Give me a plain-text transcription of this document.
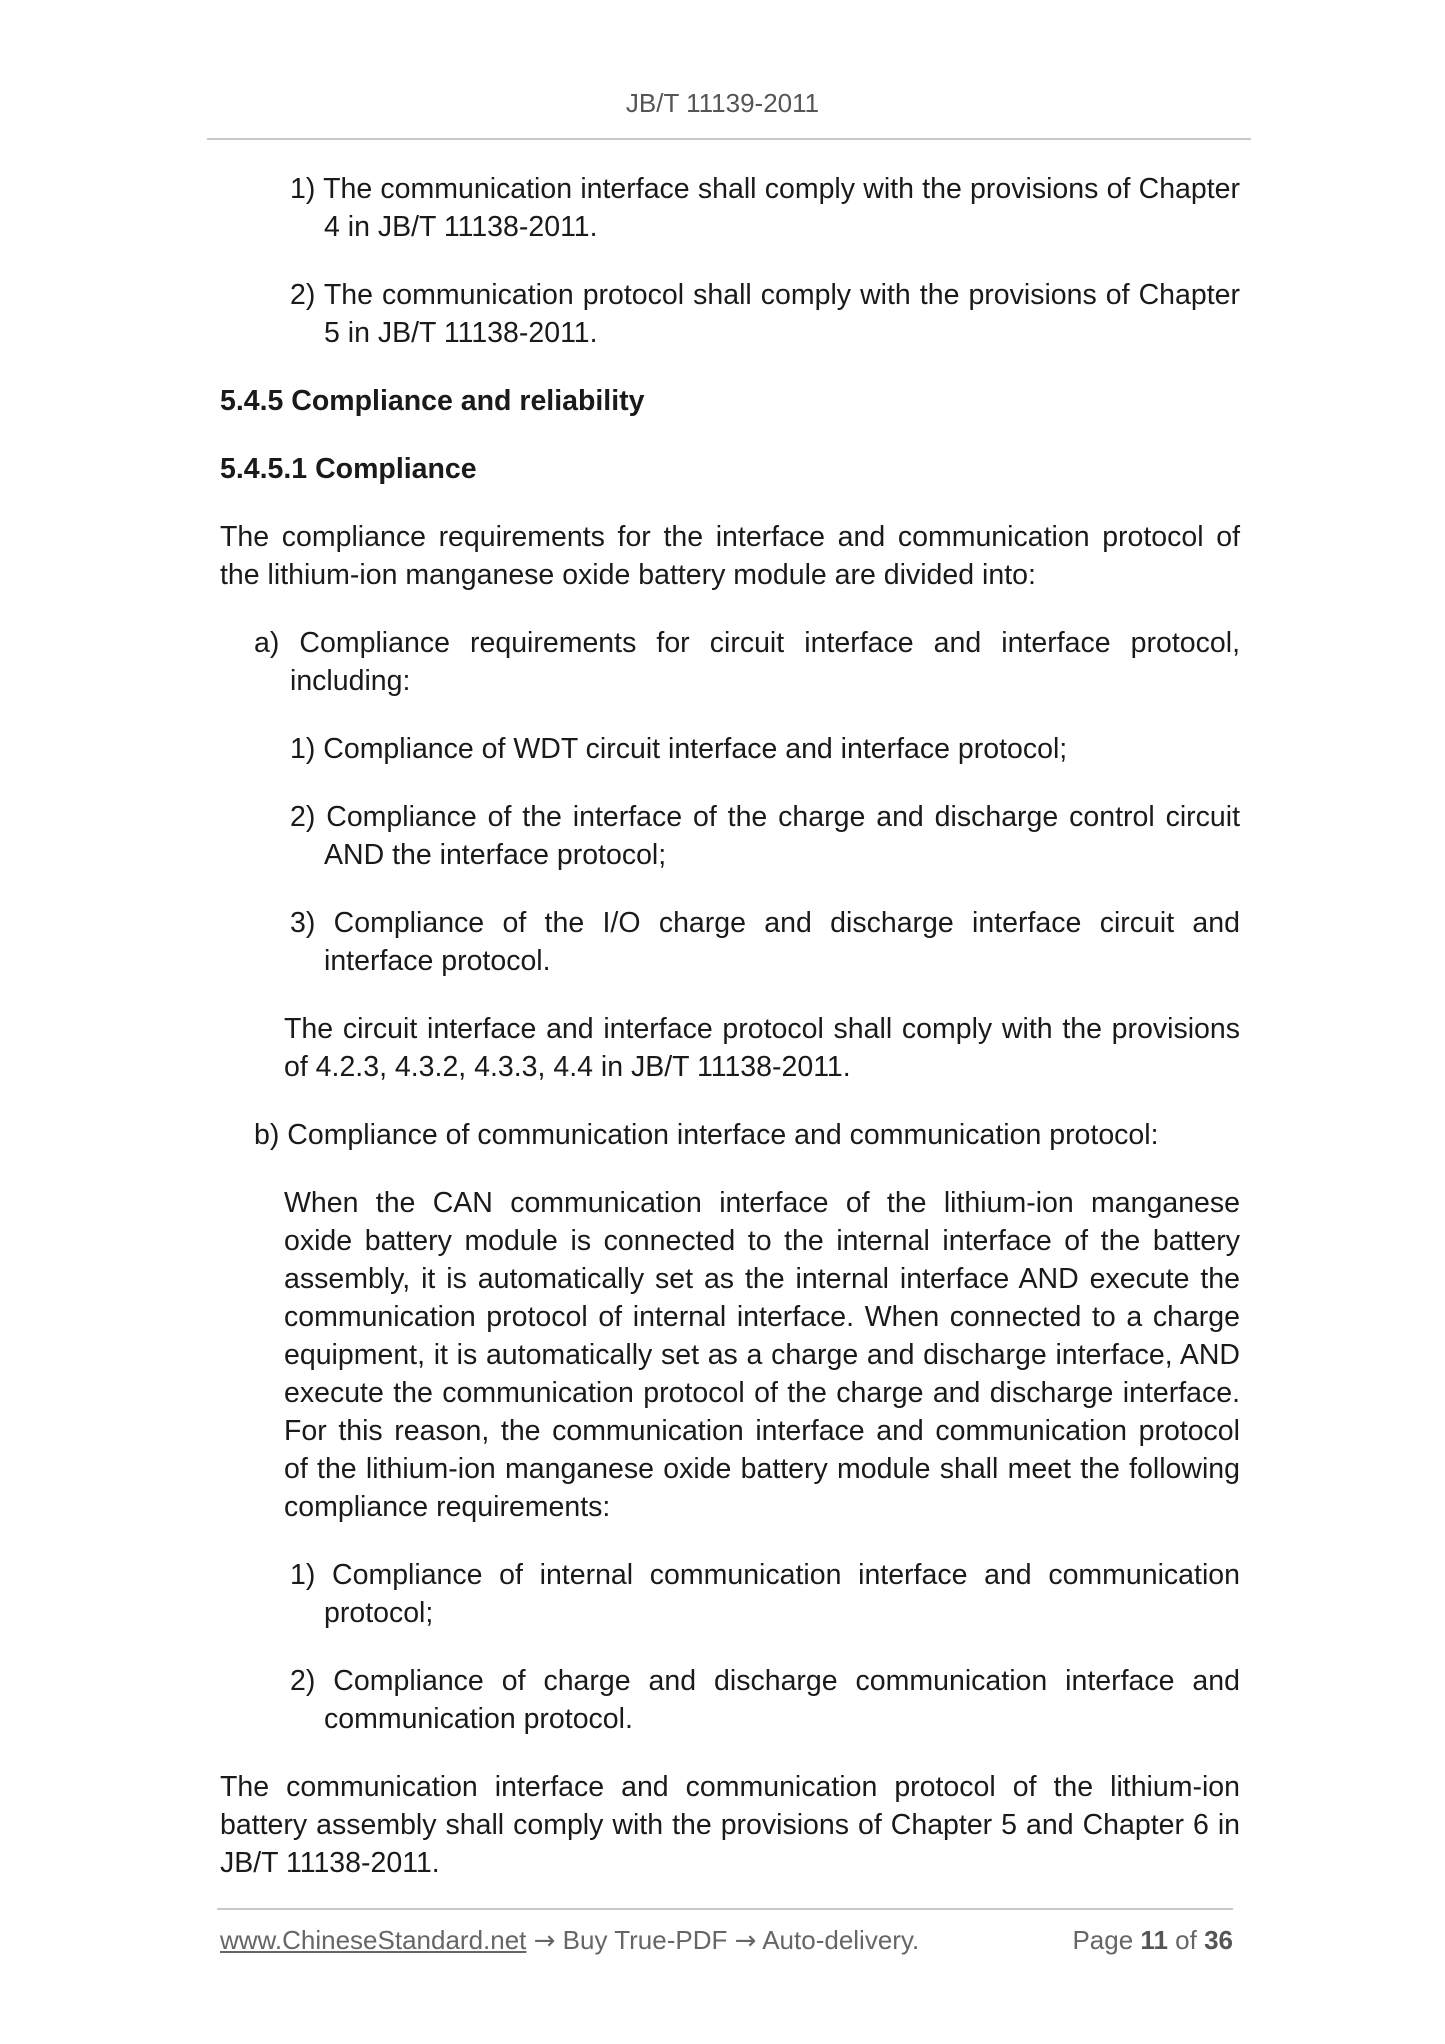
JB/T 11139-2011

1) The communication interface shall comply with the provisions of Chapter 4 in JB/T 11138-2011.

2) The communication protocol shall comply with the provisions of Chapter 5 in JB/T 11138-2011.

5.4.5 Compliance and reliability

5.4.5.1 Compliance

The compliance requirements for the interface and communication protocol of the lithium-ion manganese oxide battery module are divided into:

a) Compliance requirements for circuit interface and interface protocol, including:

1) Compliance of WDT circuit interface and interface protocol;

2) Compliance of the interface of the charge and discharge control circuit AND the interface protocol;

3) Compliance of the I/O charge and discharge interface circuit and interface protocol.

The circuit interface and interface protocol shall comply with the provisions of 4.2.3, 4.3.2, 4.3.3, 4.4 in JB/T 11138-2011.

b) Compliance of communication interface and communication protocol:

When the CAN communication interface of the lithium-ion manganese oxide battery module is connected to the internal interface of the battery assembly, it is automatically set as the internal interface AND execute the communication protocol of internal interface. When connected to a charge equipment, it is automatically set as a charge and discharge interface, AND execute the communication protocol of the charge and discharge interface. For this reason, the communication interface and communication protocol of the lithium-ion manganese oxide battery module shall meet the following compliance requirements:

1) Compliance of internal communication interface and communication protocol;

2) Compliance of charge and discharge communication interface and communication protocol.

The communication interface and communication protocol of the lithium-ion battery assembly shall comply with the provisions of Chapter 5 and Chapter 6 in JB/T 11138-2011.

www.ChineseStandard.net → Buy True-PDF → Auto-delivery.	Page 11 of 36
